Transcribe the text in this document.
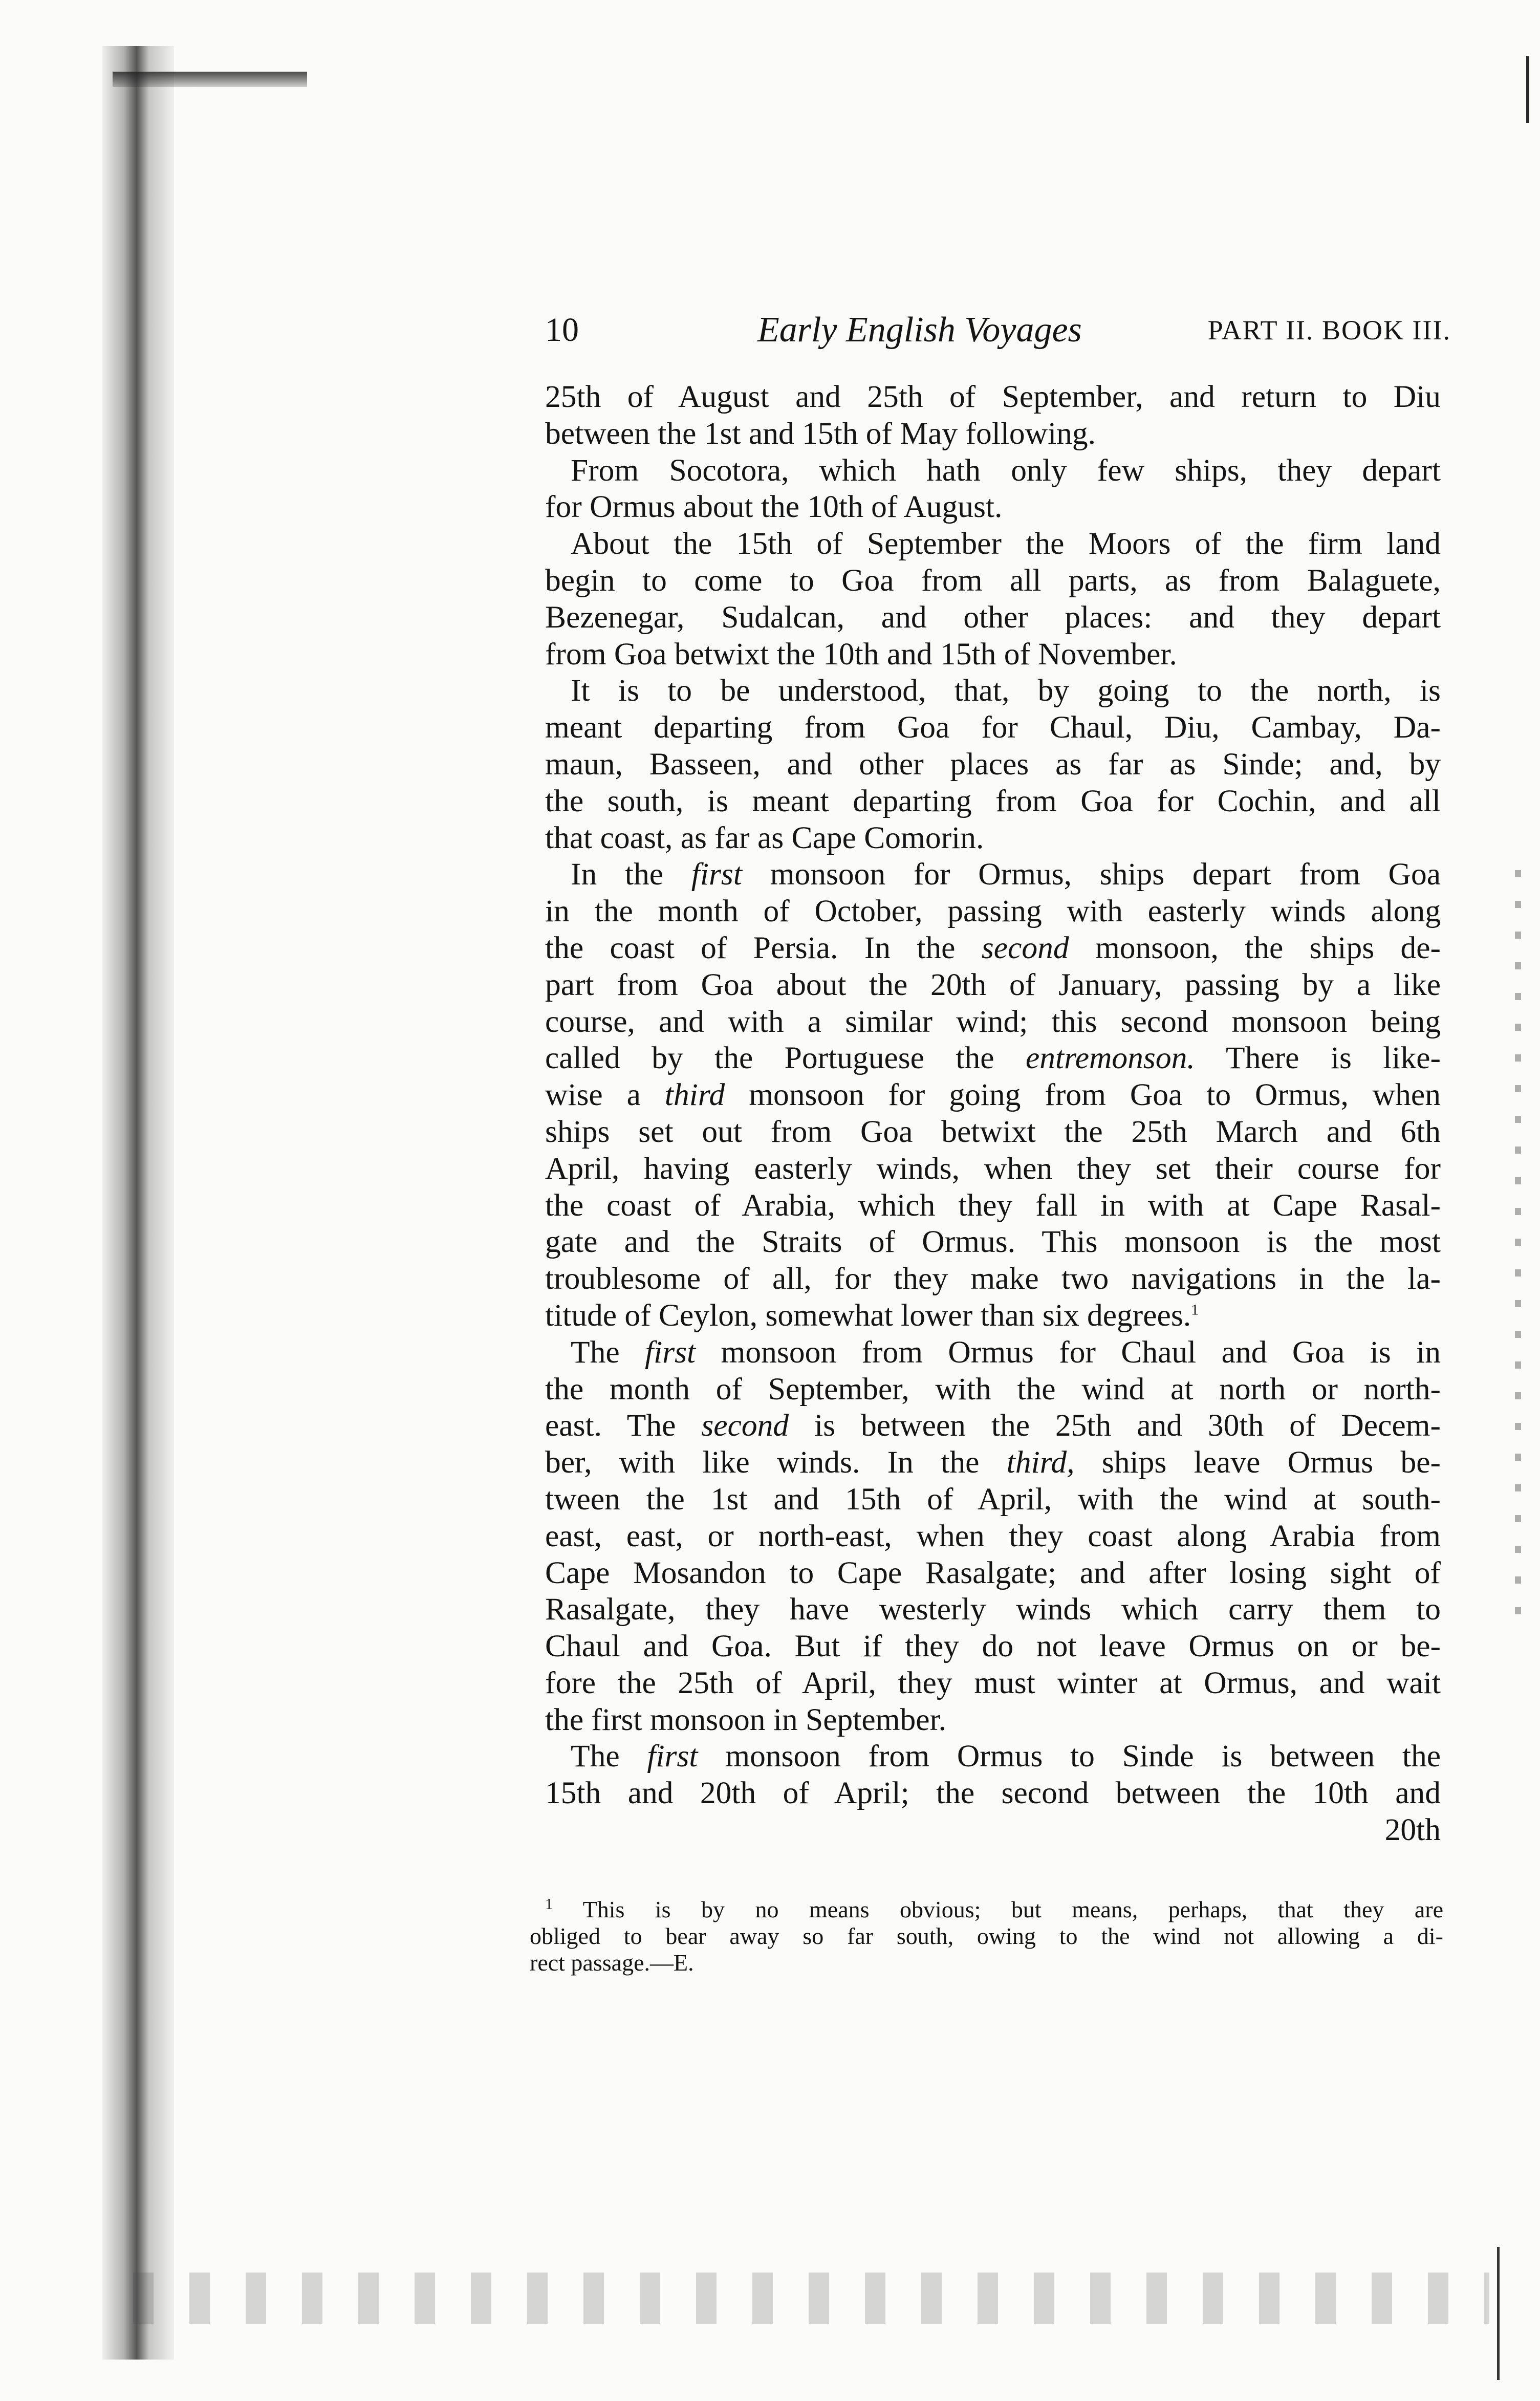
10	Early English Voyages	PART II. BOOK III.
25th of August and 25th of September, and return to Diu
between the 1st and 15th of May following.
From Socotora, which hath only few ships, they depart
for Ormus about the 10th of August.
About the 15th of September the Moors of the firm land
begin to come to Goa from all parts, as from Balaguete,
Bezenegar, Sudalcan, and other places: and they depart
from Goa betwixt the 10th and 15th of November.
It is to be understood, that, by going to the north, is
meant departing from Goa for Chaul, Diu, Cambay, Da-
maun, Basseen, and other places as far as Sinde; and, by
the south, is meant departing from Goa for Cochin, and all
that coast, as far as Cape Comorin.
In the first monsoon for Ormus, ships depart from Goa
in the month of October, passing with easterly winds along
the coast of Persia. In the second monsoon, the ships de-
part from Goa about the 20th of January, passing by a like
course, and with a similar wind; this second monsoon being
called by the Portuguese the entremonson. There is like-
wise a third monsoon for going from Goa to Ormus, when
ships set out from Goa betwixt the 25th March and 6th
April, having easterly winds, when they set their course for
the coast of Arabia, which they fall in with at Cape Rasal-
gate and the Straits of Ormus. This monsoon is the most
troublesome of all, for they make two navigations in the la-
titude of Ceylon, somewhat lower than six degrees.$^1$
The first monsoon from Ormus for Chaul and Goa is in
the month of September, with the wind at north or north-
east. The second is between the 25th and 30th of Decem-
ber, with like winds. In the third, ships leave Ormus be-
tween the 1st and 15th of April, with the wind at south-
east, east, or north-east, when they coast along Arabia from
Cape Mosandon to Cape Rasalgate; and after losing sight of
Rasalgate, they have westerly winds which carry them to
Chaul and Goa. But if they do not leave Ormus on or be-
fore the 25th of April, they must winter at Ormus, and wait
the first monsoon in September.
The first monsoon from Ormus to Sinde is between the
15th and 20th of April; the second between the 10th and
20th
$^1$ This is by no means obvious; but means, perhaps, that they are
obliged to bear away so far south, owing to the wind not allowing a di-
rect passage.—E.
